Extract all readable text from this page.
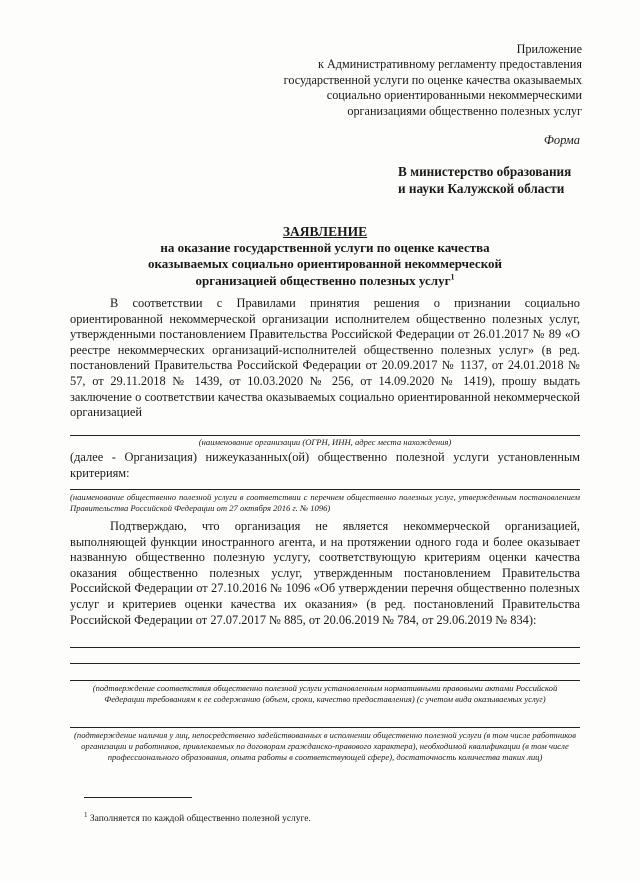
Приложение
к Административному регламенту предоставления
государственной услуги по оценке качества оказываемых
социально ориентированными некоммерческими
организациями общественно полезных услуг
Форма
В министерство образования
и науки Калужской области
ЗАЯВЛЕНИЕ
на оказание государственной услуги по оценке качества
оказываемых социально ориентированной некоммерческой
организацией общественно полезных услуг$^1$
В соответствии с Правилами принятия решения о признании социально ориентированной некоммерческой организации исполнителем общественно полезных услуг, утвержденными постановлением Правительства Российской Федерации от 26.01.2017 № 89 «О реестре некоммерческих организаций-исполнителей общественно полезных услуг» (в ред. постановлений Правительства Российской Федерации от 20.09.2017 № 1137, от 24.01.2018 № 57, от 29.11.2018 № 1439, от 10.03.2020 № 256, от 14.09.2020 № 1419), прошу выдать заключение о соответствии качества оказываемых социально ориентированной некоммерческой организацией
(наименование организации (ОГРН, ИНН, адрес места нахождения)
(далее - Организация) нижеуказанных(ой) общественно полезной услуги установленным критериям:
(наименование общественно полезной услуги в соответствии с перечнем общественно полезных услуг, утвержденным постановлением Правительства Российской Федерации от 27 октября 2016 г. № 1096)
Подтверждаю, что организация не является некоммерческой организацией, выполняющей функции иностранного агента, и на протяжении одного года и более оказывает названную общественно полезную услугу, соответствующую критериям оценки качества оказания общественно полезных услуг, утвержденным постановлением Правительства Российской Федерации от 27.10.2016 № 1096 «Об утверждении перечня общественно полезных услуг и критериев оценки качества их оказания» (в ред. постановлений Правительства Российской Федерации от 27.07.2017 № 885, от 20.06.2019 № 784, от 29.06.2019 № 834):
(подтверждение соответствия общественно полезной услуги установленным нормативными правовыми актами Российской Федерации требованиям к ее содержанию (объем, сроки, качество предоставления) (с учетом вида оказываемых услуг)
(подтверждение наличия у лиц, непосредственно задействованных в исполнении общественно полезной услуги (в том числе работников организации и работников, привлекаемых по договорам гражданско-правового характера), необходимой квалификации (в том числе профессионального образования, опыта работы в соответствующей сфере), достаточность количества таких лиц)
$^1$ Заполняется по каждой общественно полезной услуге.
